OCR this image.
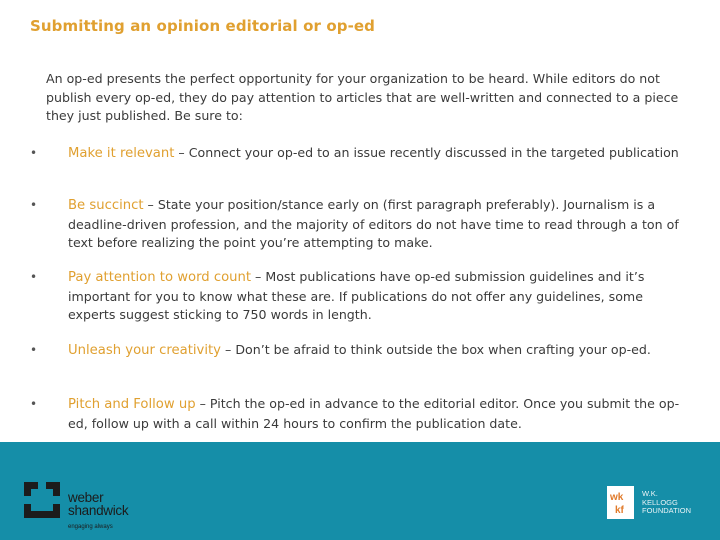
Submitting an opinion editorial or op-ed

An op-ed presents the perfect opportunity for your organization to be heard. While editors do not publish every op-ed, they do pay attention to articles that are well-written and connected to a piece they just published. Be sure to:

• Make it relevant – Connect your op-ed to an issue recently discussed in the targeted publication

• Be succinct – State your position/stance early on (first paragraph preferably). Journalism is a deadline-driven profession, and the majority of editors do not have time to read through a ton of text before realizing the point you’re attempting to make.

• Pay attention to word count – Most publications have op-ed submission guidelines and it’s important for you to know what these are. If publications do not offer any guidelines, some experts suggest sticking to 750 words in length.

• Unleash your creativity – Don’t be afraid to think outside the box when crafting your op-ed.

• Pitch and Follow up – Pitch the op-ed in advance to the editorial editor. Once you submit the op-ed, follow up with a call within 24 hours to confirm the publication date.

weber
shandwick
engaging always
wk
kf
W.K.
KELLOGG
FOUNDATION
